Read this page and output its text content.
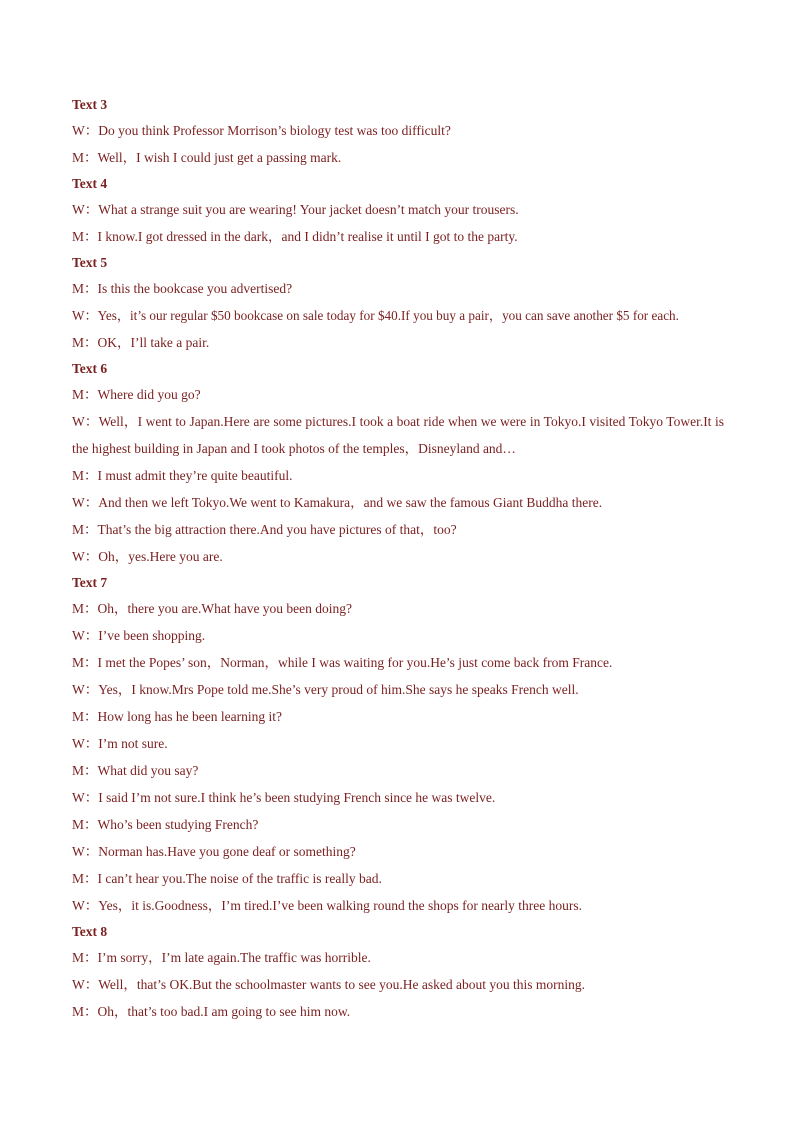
Text 3
W：Do you think Professor Morrison’s biology test was too difficult?
M：Well，I wish I could just get a passing mark.
Text 4
W：What a strange suit you are wearing! Your jacket doesn’t match your trousers.
M：I know.I got dressed in the dark，and I didn’t realise it until I got to the party.
Text 5
M：Is this the bookcase you advertised?
W：Yes，it’s our regular $50 bookcase on sale today for $40.If you buy a pair，you can save another $5 for each.
M：OK，I’ll take a pair.
Text 6
M：Where did you go?
W：Well，I went to Japan.Here are some pictures.I took a boat ride when we were in Tokyo.I visited Tokyo Tower.It is the highest building in Japan and I took photos of the temples，Disneyland and…
M：I must admit they’re quite beautiful.
W：And then we left Tokyo.We went to Kamakura，and we saw the famous Giant Buddha there.
M：That’s the big attraction there.And you have pictures of that，too?
W：Oh，yes.Here you are.
Text 7
M：Oh，there you are.What have you been doing?
W：I’ve been shopping.
M：I met the Popes’ son，Norman，while I was waiting for you.He’s just come back from France.
W：Yes，I know.Mrs Pope told me.She’s very proud of him.She says he speaks French well.
M：How long has he been learning it?
W：I’m not sure.
M：What did you say?
W：I said I’m not sure.I think he’s been studying French since he was twelve.
M：Who’s been studying French?
W：Norman has.Have you gone deaf or something?
M：I can’t hear you.The noise of the traffic is really bad.
W：Yes，it is.Goodness，I’m tired.I’ve been walking round the shops for nearly three hours.
Text 8
M：I’m sorry，I’m late again.The traffic was horrible.
W：Well，that’s OK.But the schoolmaster wants to see you.He asked about you this morning.
M：Oh，that’s too bad.I am going to see him now.
